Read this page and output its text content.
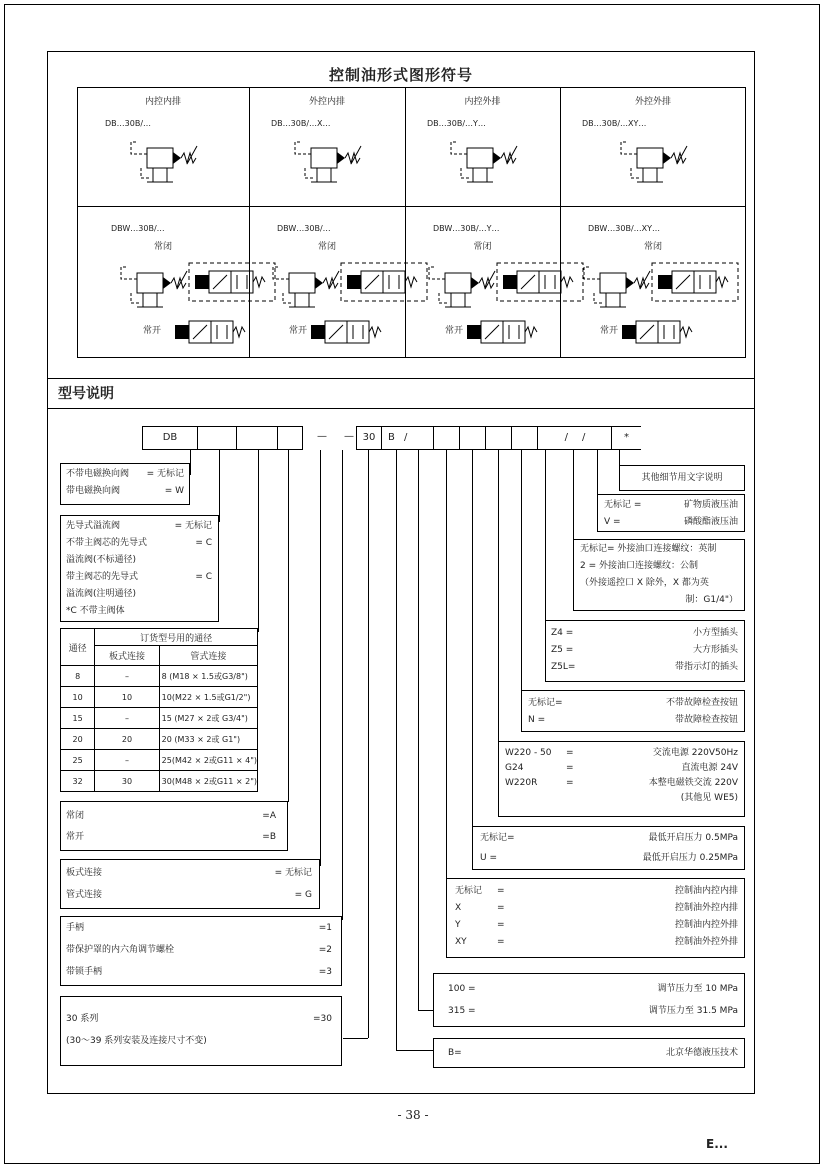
控制油形式图形符号
型号说明
DB	—	— 30	B /	/	/	*
通径	订货型号用的通径	
	板式连接	管式连接
8	–	8 (M18 × 1.5或G3/8")
10	10	10(M22 × 1.5或G1/2")
15	–	15 (M27 × 2或 G3/4")
20	20	20 (M33 × 2或 G1")
25	–	25(M42 × 2或G11 × 4")
32	30	30(M48 × 2或G11 × 2")
其他细节用文字说明
B=	北京华德液压技术
- 38 -
E...
内控内排
DB…30B/…
外控内排
DB…30B/…X…
内控外排
DB…30B/…Y…
外控外排
DB…30B/…XY…
DBW…30B/…
常闭
常开
DBW…30B/…
常闭
常开
DBW…30B/…Y…
常闭
常开
DBW…30B/…XY…
常闭
常开
不带电磁换向阀	= 无标记
带电磁换向阀	= W
先导式溢流阀	= 无标记
不带主阀芯的先导式	= C
溢流阀(不标通径)
带主阀芯的先导式	= C
溢流阀(注明通径)
*C 不带主阀体
常闭	=A
常开	=B
板式连接	= 无标记
管式连接	= G
手柄	=1
带保护罩的内六角调节螺栓	=2
带锁手柄	=3
30 系列	=30
(30～39 系列安装及连接尺寸不变)
无标记 =	矿物质液压油
V =	磷酸酯液压油
无标记= 外接油口连接螺纹：英制
2 = 外接油口连接螺纹：公制
（外接遥控口 X 除外，X 都为英
制：G1/4"）
Z4 =	小方型插头
Z5 =	大方形插头
Z5L=	带指示灯的插头
无标记=	不带故障检查按钮
N =	带故障检查按钮
W220 - 50 =	交流电源 220V50Hz
G24	=	直流电源 24V
W220R	=	本整电磁铁交流 220V
(其他见 WE5)
无标记=	最低开启压力 0.5MPa
U =	最低开启压力 0.25MPa
无标记 =	控制油内控内排
X	=	控制油外控内排
Y	=	控制油内控外排
XY	=	控制油外控外排
100 =	调节压力至 10 MPa
315 =	调节压力至 31.5 MPa
